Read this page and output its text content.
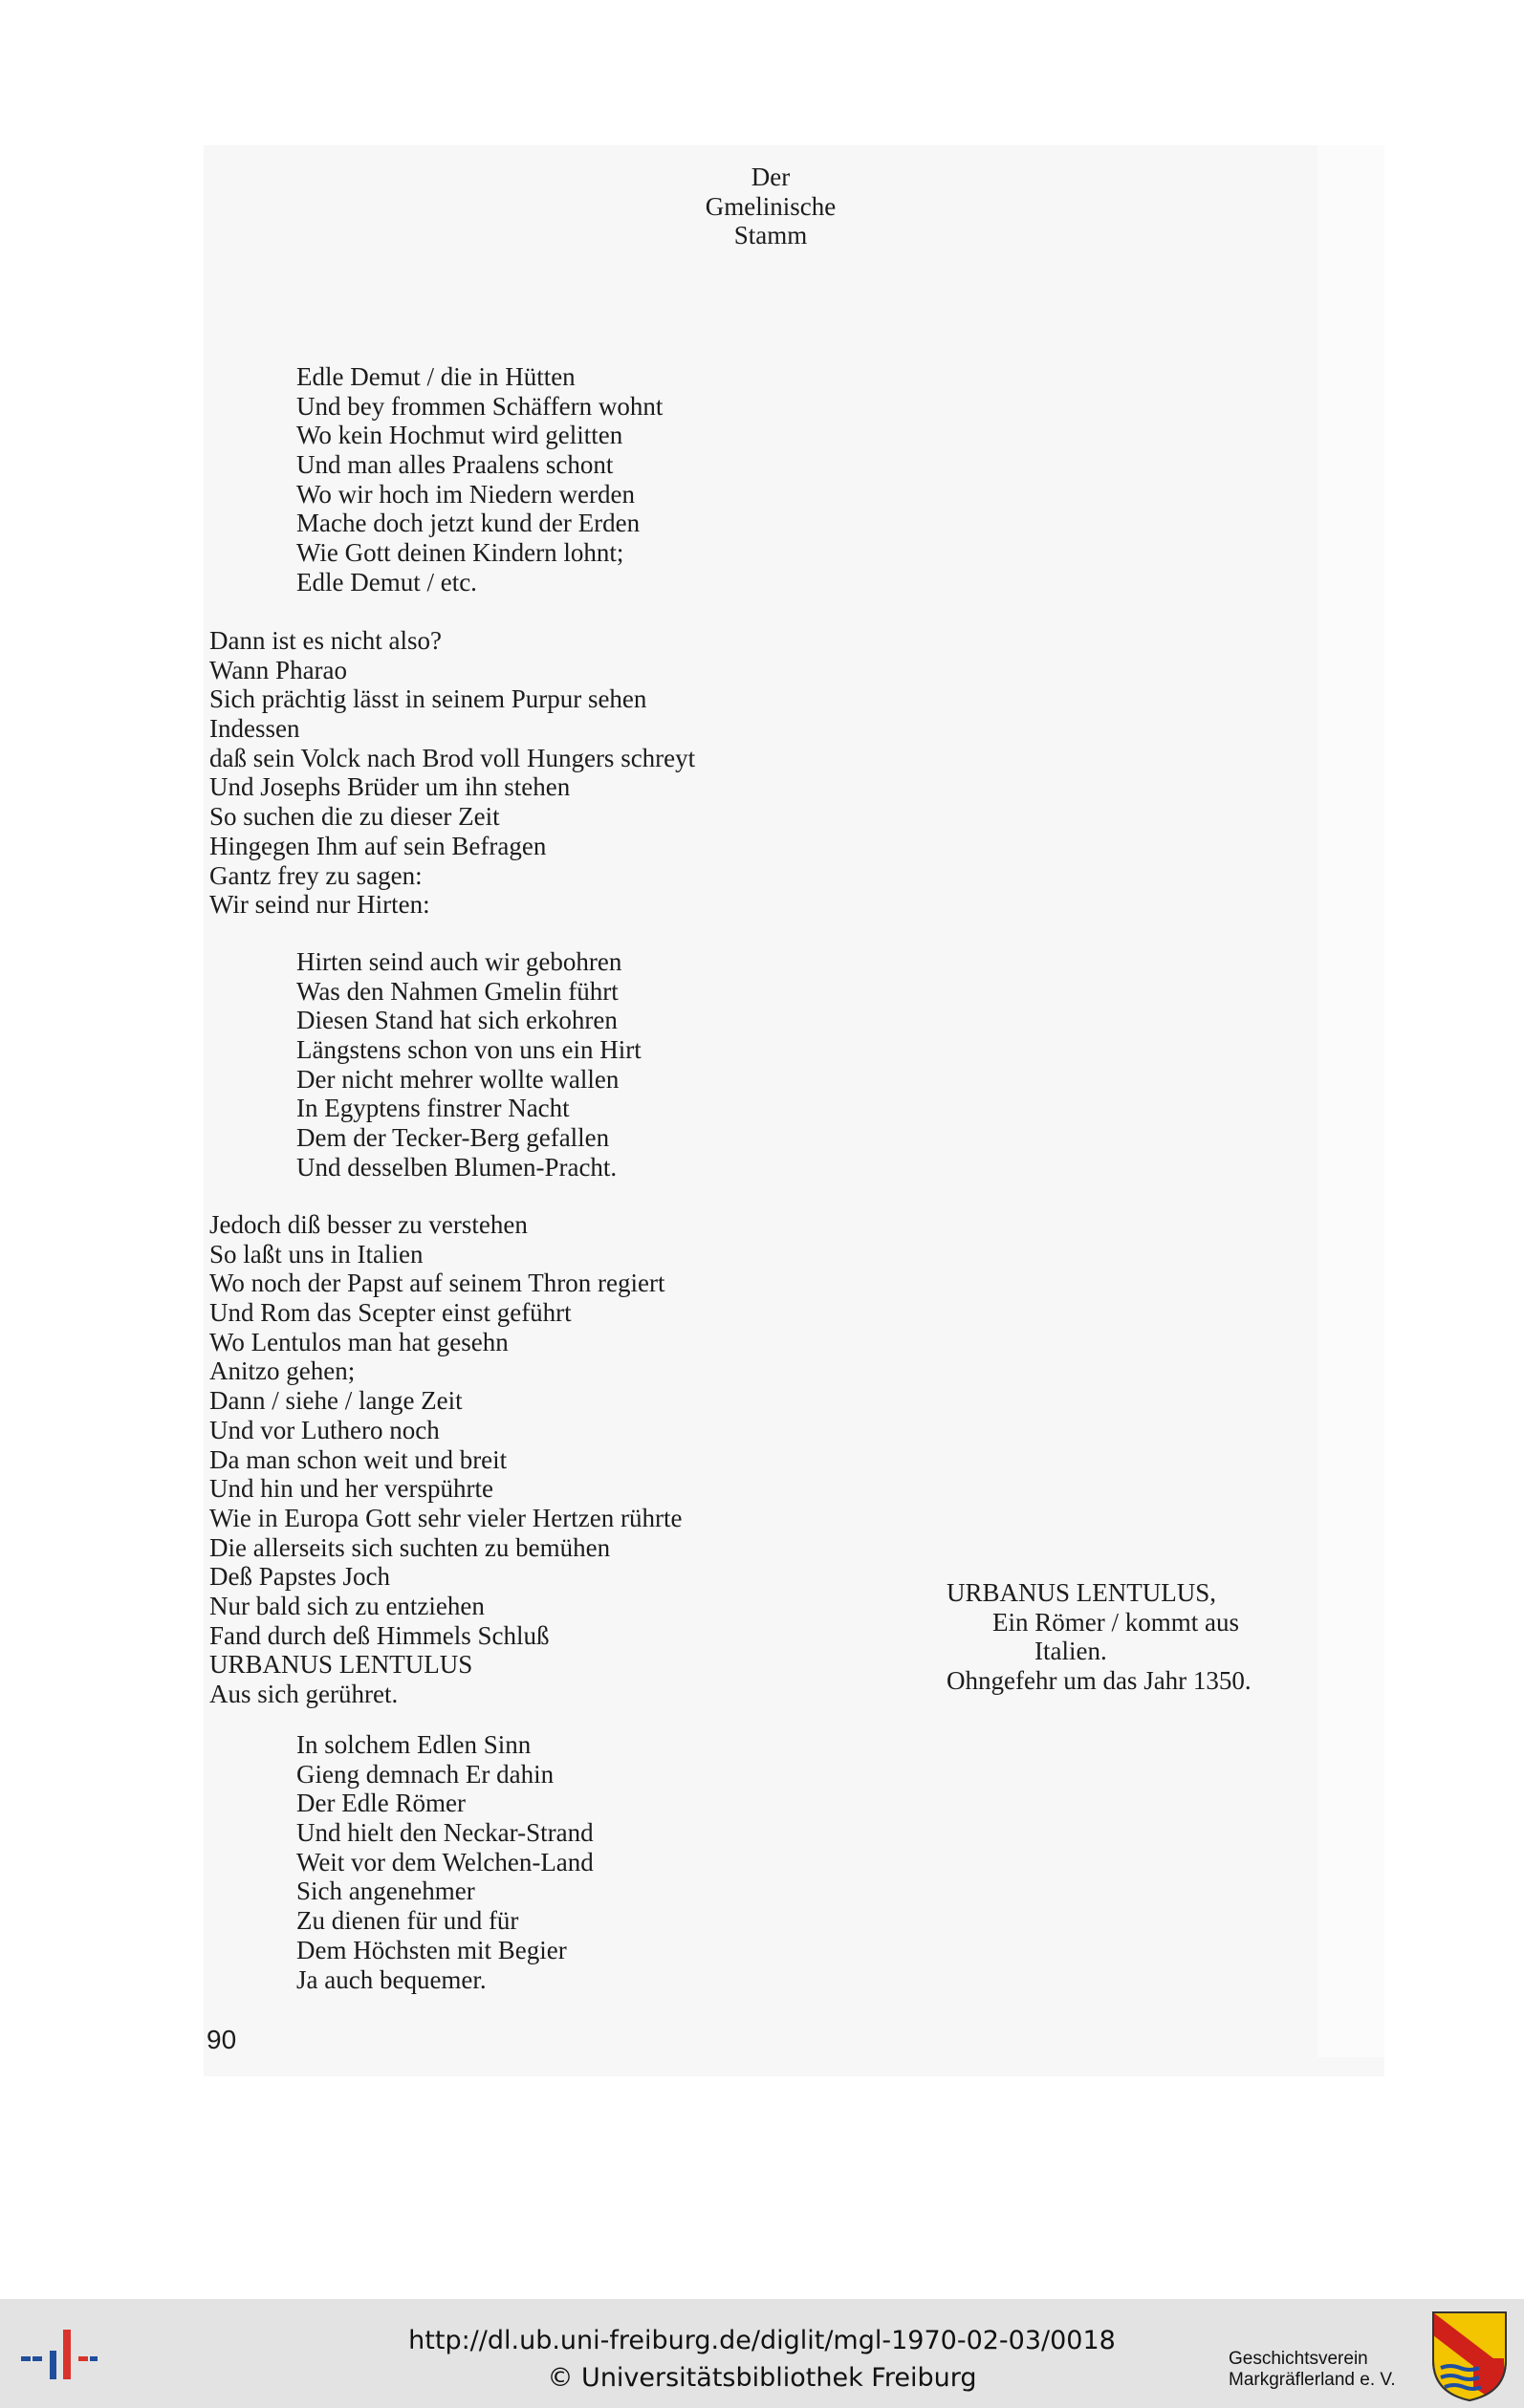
Der
Gmelinische
Stamm
Edle Demut / die in Hütten
Und bey frommen Schäffern wohnt
Wo kein Hochmut wird gelitten
Und man alles Praalens schont
Wo wir hoch im Niedern werden
Mache doch jetzt kund der Erden
Wie Gott deinen Kindern lohnt;
Edle Demut / etc.
Dann ist es nicht also?
Wann Pharao
Sich prächtig lässt in seinem Purpur sehen
Indessen
daß sein Volck nach Brod voll Hungers schreyt
Und Josephs Brüder um ihn stehen
So suchen die zu dieser Zeit
Hingegen Ihm auf sein Befragen
Gantz frey zu sagen:
Wir seind nur Hirten:
Hirten seind auch wir gebohren
Was den Nahmen Gmelin führt
Diesen Stand hat sich erkohren
Längstens schon von uns ein Hirt
Der nicht mehrer wollte wallen
In Egyptens finstrer Nacht
Dem der Tecker-Berg gefallen
Und desselben Blumen-Pracht.
Jedoch diß besser zu verstehen
So laßt uns in Italien
Wo noch der Papst auf seinem Thron regiert
Und Rom das Scepter einst geführt
Wo Lentulos man hat gesehn
Anitzo gehen;
Dann / siehe / lange Zeit
Und vor Luthero noch
Da man schon weit und breit
Und hin und her verspührte
Wie in Europa Gott sehr vieler Hertzen rührte
Die allerseits sich suchten zu bemühen
Deß Papstes Joch
Nur bald sich zu entziehen
Fand durch deß Himmels Schluß
URBANUS LENTULUS
Aus sich gerühret.
URBANUS LENTULUS,
Ein Römer / kommt aus
Italien.
Ohngefehr um das Jahr 1350.
In solchem Edlen Sinn
Gieng demnach Er dahin
Der Edle Römer
Und hielt den Neckar-Strand
Weit vor dem Welchen-Land
Sich angenehmer
Zu dienen für und für
Dem Höchsten mit Begier
Ja auch bequemer.
90
http://dl.ub.uni-freiburg.de/diglit/mgl-1970-02-03/0018
© Universitätsbibliothek Freiburg
Geschichtsverein
Markgräflerland e. V.
